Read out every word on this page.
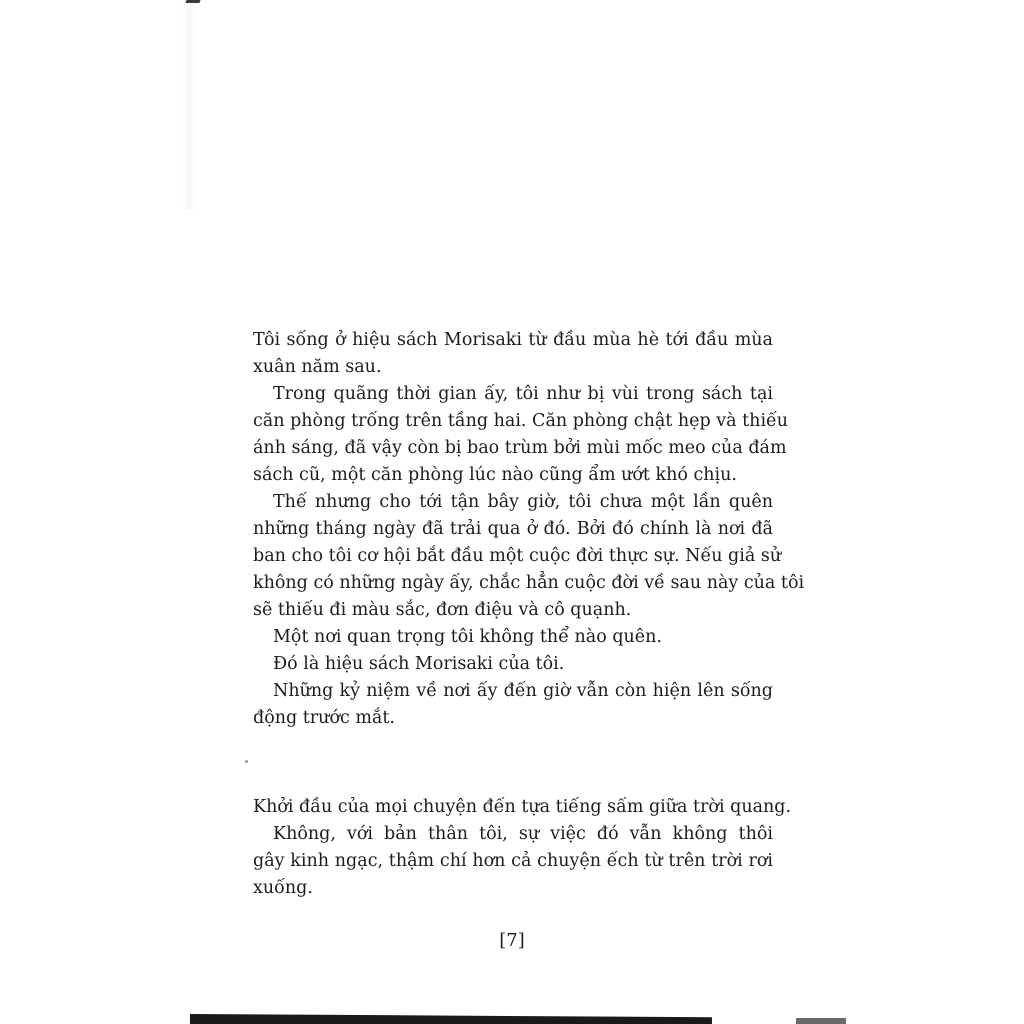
Tôi sống ở hiệu sách Morisaki từ đầu mùa hè tới đầu mùa
xuân năm sau.
Trong quãng thời gian ấy, tôi như bị vùi trong sách tại
căn phòng trống trên tầng hai. Căn phòng chật hẹp và thiếu
ánh sáng, đã vậy còn bị bao trùm bởi mùi mốc meo của đám
sách cũ, một căn phòng lúc nào cũng ẩm ướt khó chịu.
Thế nhưng cho tới tận bây giờ, tôi chưa một lần quên
những tháng ngày đã trải qua ở đó. Bởi đó chính là nơi đã
ban cho tôi cơ hội bắt đầu một cuộc đời thực sự. Nếu giả sử
không có những ngày ấy, chắc hẳn cuộc đời về sau này của tôi
sẽ thiếu đi màu sắc, đơn điệu và cô quạnh.
Một nơi quan trọng tôi không thể nào quên.
Đó là hiệu sách Morisaki của tôi.
Những kỷ niệm về nơi ấy đến giờ vẫn còn hiện lên sống
động trước mắt.
Khởi đầu của mọi chuyện đến tựa tiếng sấm giữa trời quang.
Không, với bản thân tôi, sự việc đó vẫn không thôi
gây kinh ngạc, thậm chí hơn cả chuyện ếch từ trên trời rơi
xuống.
[7]
